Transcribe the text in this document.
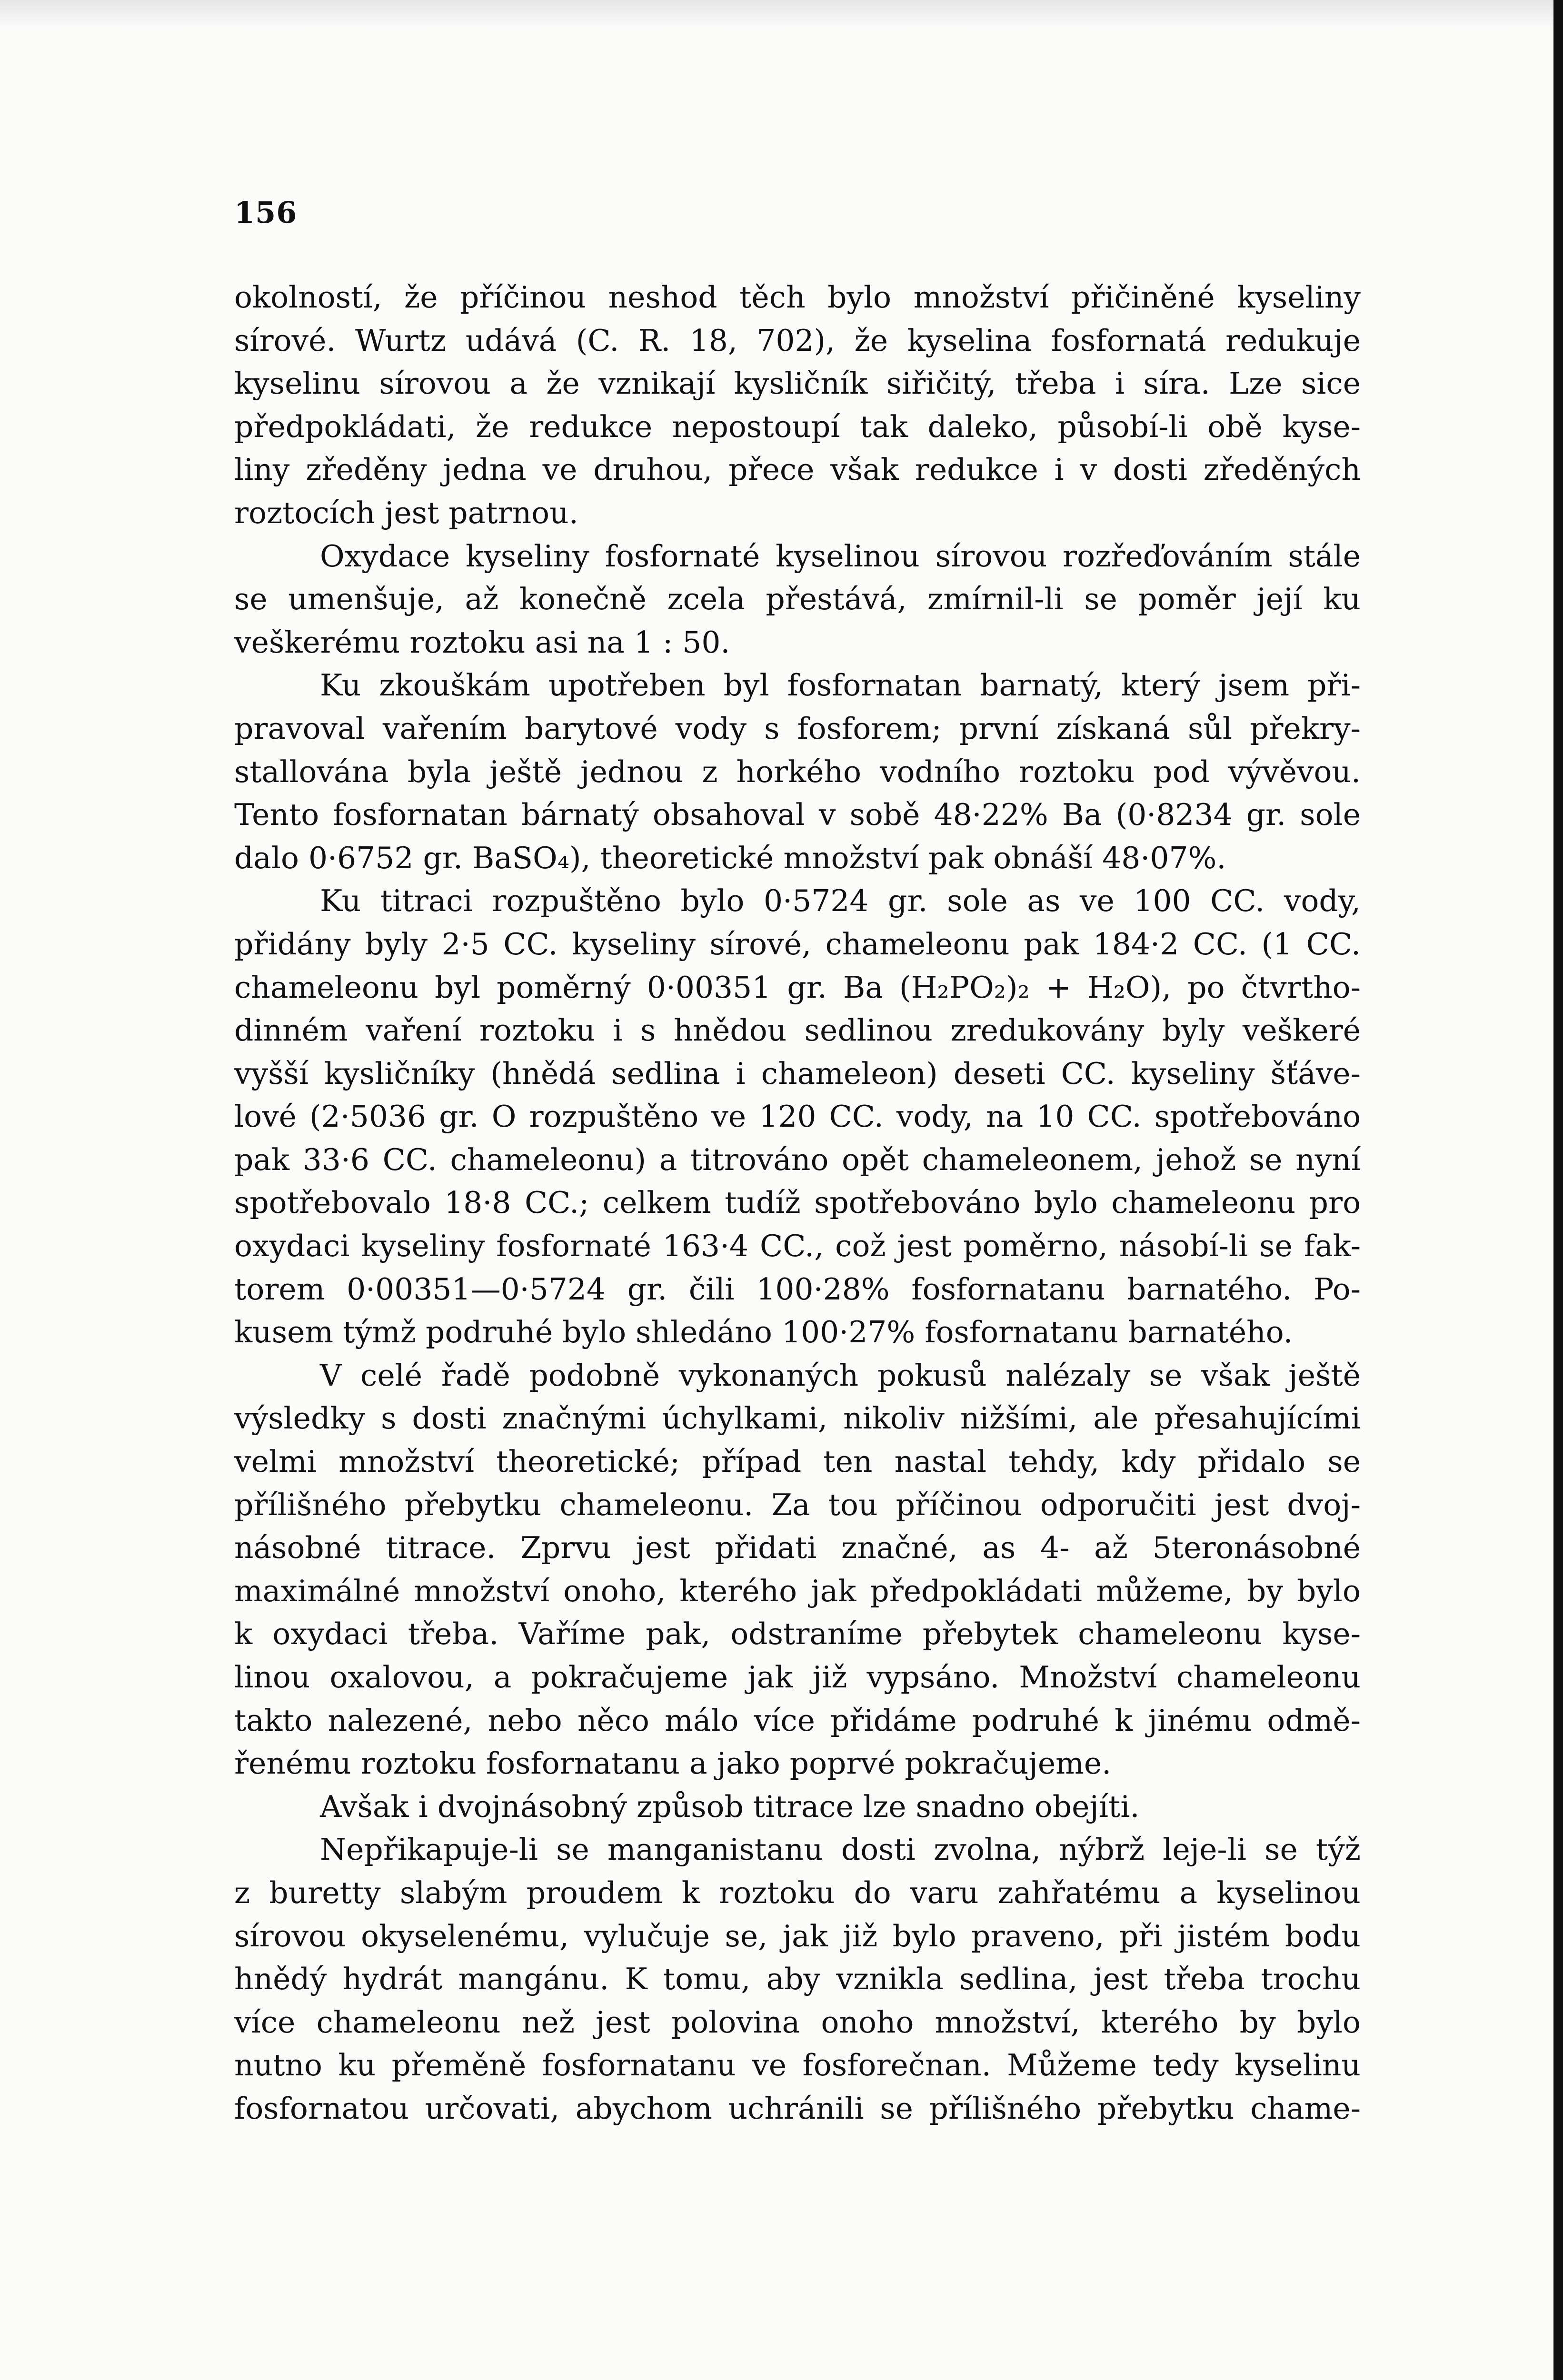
156
okolností, že příčinou neshod těch bylo množství přičiněné kyseliny
sírové. Wurtz udává (C. R. 18, 702), že kyselina fosfornatá redukuje
kyselinu sírovou a že vznikají kysličník siřičitý, třeba i síra. Lze sice
předpokládati, že redukce nepostoupí tak daleko, působí-li obě kyse-
liny zředěny jedna ve druhou, přece však redukce i v dosti zředěných
roztocích jest patrnou.
Oxydace kyseliny fosfornaté kyselinou sírovou rozřeďováním stále
se umenšuje, až konečně zcela přestává, zmírnil-li se poměr její ku
veškerému roztoku asi na 1 : 50.
Ku zkouškám upotřeben byl fosfornatan barnatý, který jsem při-
pravoval vařením barytové vody s fosforem; první získaná sůl překry-
stallována byla ještě jednou z horkého vodního roztoku pod vývěvou.
Tento fosfornatan bárnatý obsahoval v sobě 48·22% Ba (0·8234 gr. sole
dalo 0·6752 gr. BaSO₄), theoretické množství pak obnáší 48·07%.
Ku titraci rozpuštěno bylo 0·5724 gr. sole as ve 100 CC. vody,
přidány byly 2·5 CC. kyseliny sírové, chameleonu pak 184·2 CC. (1 CC.
chameleonu byl poměrný 0·00351 gr. Ba (H₂PO₂)₂ + H₂O), po čtvrtho-
dinném vaření roztoku i s hnědou sedlinou zredukovány byly veškeré
vyšší kysličníky (hnědá sedlina i chameleon) deseti CC. kyseliny šťáve-
lové (2·5036 gr. O rozpuštěno ve 120 CC. vody, na 10 CC. spotřebováno
pak 33·6 CC. chameleonu) a titrováno opět chameleonem, jehož se nyní
spotřebovalo 18·8 CC.; celkem tudíž spotřebováno bylo chameleonu pro
oxydaci kyseliny fosfornaté 163·4 CC., což jest poměrno, násobí-li se fak-
torem 0·00351—0·5724 gr. čili 100·28% fosfornatanu barnatého. Po-
kusem týmž podruhé bylo shledáno 100·27% fosfornatanu barnatého.
V celé řadě podobně vykonaných pokusů nalézaly se však ještě
výsledky s dosti značnými úchylkami, nikoliv nižšími, ale přesahujícími
velmi množství theoretické; případ ten nastal tehdy, kdy přidalo se
přílišného přebytku chameleonu. Za tou příčinou odporučiti jest dvoj-
násobné titrace. Zprvu jest přidati značné, as 4- až 5teronásobné
maximálné množství onoho, kterého jak předpokládati můžeme, by bylo
k oxydaci třeba. Vaříme pak, odstraníme přebytek chameleonu kyse-
linou oxalovou, a pokračujeme jak již vypsáno. Množství chameleonu
takto nalezené, nebo něco málo více přidáme podruhé k jinému odmě-
řenému roztoku fosfornatanu a jako poprvé pokračujeme.
Avšak i dvojnásobný způsob titrace lze snadno obejíti.
Nepřikapuje-li se manganistanu dosti zvolna, nýbrž leje-li se týž
z buretty slabým proudem k roztoku do varu zahřatému a kyselinou
sírovou okyselenému, vylučuje se, jak již bylo praveno, při jistém bodu
hnědý hydrát mangánu. K tomu, aby vznikla sedlina, jest třeba trochu
více chameleonu než jest polovina onoho množství, kterého by bylo
nutno ku přeměně fosfornatanu ve fosforečnan. Můžeme tedy kyselinu
fosfornatou určovati, abychom uchránili se přílišného přebytku chame-
